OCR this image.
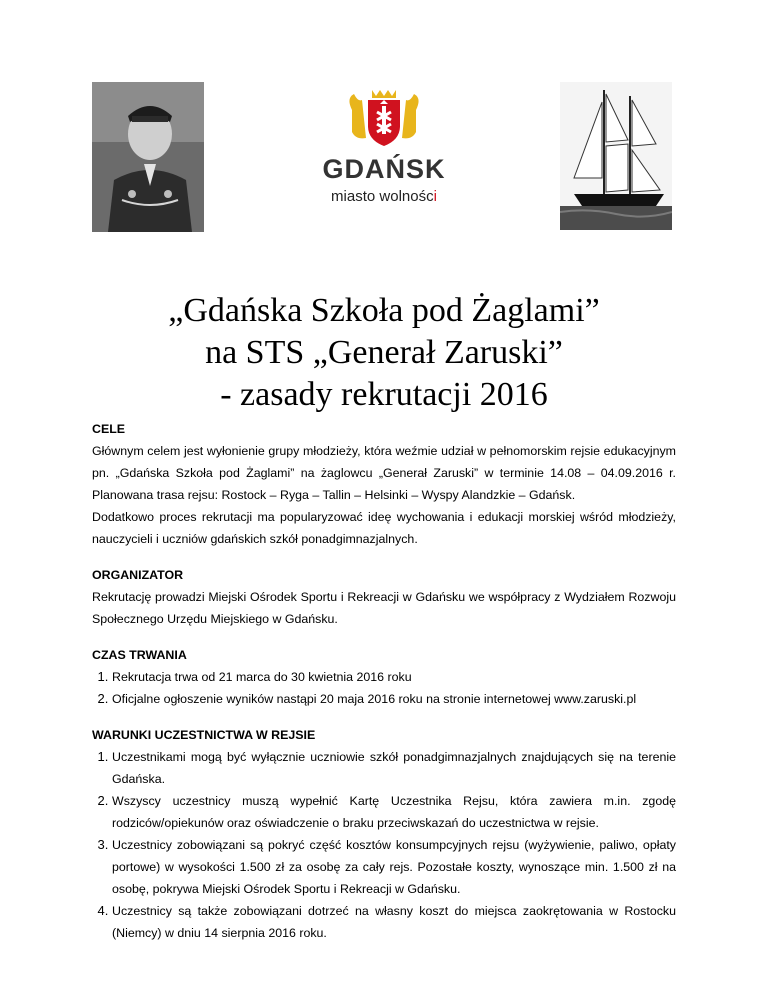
GDAŃSK
miasto wolności
„Gdańska Szkoła pod Żaglami”
na STS „Generał Zaruski”
- zasady rekrutacji 2016
CELE
Głównym celem jest wyłonienie grupy młodzieży, która weźmie udział w pełnomorskim rejsie edukacyjnym pn. „Gdańska Szkoła pod Żaglami” na żaglowcu „Generał Zaruski” w terminie 14.08 – 04.09.2016 r. Planowana trasa rejsu: Rostock – Ryga – Tallin – Helsinki – Wyspy Alandzkie – Gdańsk.
Dodatkowo proces rekrutacji ma popularyzować ideę wychowania i edukacji morskiej wśród młodzieży, nauczycieli i uczniów gdańskich szkół ponadgimnazjalnych.
ORGANIZATOR
Rekrutację prowadzi Miejski Ośrodek Sportu i Rekreacji w Gdańsku we współpracy z Wydziałem Rozwoju Społecznego Urzędu Miejskiego w Gdańsku.
CZAS TRWANIA
1. Rekrutacja trwa od 21 marca do 30 kwietnia 2016 roku
2. Oficjalne ogłoszenie wyników nastąpi 20 maja 2016 roku na stronie internetowej www.zaruski.pl
WARUNKI UCZESTNICTWA W REJSIE
1. Uczestnikami mogą być wyłącznie uczniowie szkół ponadgimnazjalnych znajdujących się na terenie Gdańska.
2. Wszyscy uczestnicy muszą wypełnić Kartę Uczestnika Rejsu, która zawiera m.in. zgodę rodziców/opiekunów oraz oświadczenie o braku przeciwskazań do uczestnictwa w rejsie.
3. Uczestnicy zobowiązani są pokryć część kosztów konsumpcyjnych rejsu (wyżywienie, paliwo, opłaty portowe) w wysokości 1.500 zł za osobę za cały rejs. Pozostałe koszty, wynoszące min. 1.500 zł na osobę, pokrywa Miejski Ośrodek Sportu i Rekreacji w Gdańsku.
4. Uczestnicy są także zobowiązani dotrzeć na własny koszt do miejsca zaokrętowania w Rostocku (Niemcy) w dniu 14 sierpnia 2016 roku.
